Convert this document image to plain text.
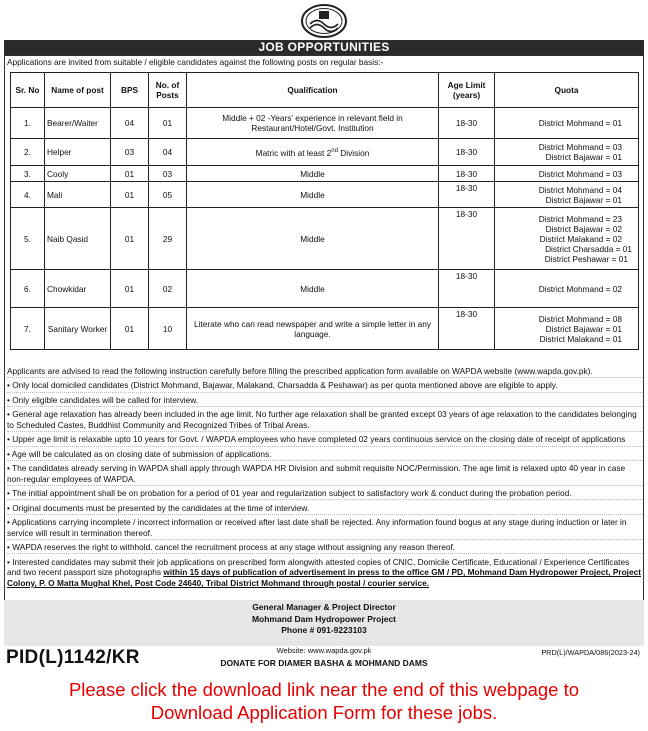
JOB OPPORTUNITIES
Applications are invited from suitable / eligible candidates against the following posts on regular basis:-
Sr. No	Name of post	BPS	No. of Posts	Qualification	Age Limit (years)	Quota
1.	Bearer/Waiter	04	01	Middle + 02 -Years' experience in relevant field in Restaurant/Hotel/Govt. Institution	18-30	District Mohmand = 01

2.	Helper	03	04	Matric with at least 2nd Division	18-30	District Mohmand = 03
District Bajawar = 01

3.	Cooly	01	03	Middle	18-30	District Mohmand = 03

4.	Mali	01	05	Middle	18-30	District Mohmand = 04
District Bajawar = 01

5.	Naib Qasid	01	29	Middle	18-30	District Mohmand = 23
District Bajawar = 02
District Malakand = 02
District Charsadda = 01
District Peshawar = 01

6.	Chowkidar	01	02	Middle	18-30	District Mohmand = 02

7.	Sanitary Worker	01	10	Literate who can read newspaper and write a simple letter in any language.	18-30	District Mohmand = 08
District Bajawar = 01
District Malakand = 01

Applicants are advised to read the following instruction carefully before filling the prescribed application form available on WAPDA website (www.wapda.gov.pk).

• Only local domiciled candidates (District Mohmand, Bajawar, Malakand, Charsadda & Peshawar) as per quota mentioned above are eligible to apply.

• Only eligible candidates will be called for interview.

• General age relaxation has already been included in the age limit. No further age relaxation shall be granted except 03 years of age relaxation to the candidates belonging to Scheduled Castes, Buddhist Community and Recognized Tribes of Tribal Areas.

• Upper age limit is relaxable upto 10 years for Govt. / WAPDA employees who have completed 02 years continuous service on the closing date of receipt of applications

• Age will be calculated as on closing date of submission of applications.

• The candidates already serving in WAPDA shall apply through WAPDA HR Division and submit requisite NOC/Permission. The age limit is relaxed upto 40 year in case non-regular employees of WAPDA.

• The initial appointment shall be on probation for a period of 01 year and regularization subject to satisfactory work & conduct during the probation period.

• Original documents must be presented by the candidates at the time of interview.

• Applications carrying incomplete / incorrect information or received after last date shall be rejected. Any information found bogus at any stage during induction or later in service will result in termination thereof.

• WAPDA reserves the right to withhold. cancel the recruitment process at any stage without assigning any reason thereof.

• Interested candidates may submit their job applications on prescribed form alongwith attested copies of CNIC, Domicile Certificate, Educational / Experience Certificates and two recent passport size photographs within 15 days of publication of advertisement in press to the office GM / PD, Mohmand Dam Hydropower Project, Project Colony, P. O Matta Mughal Khel, Post Code 24640, Tribal District Mohmand through postal / courier service.

General Manager & Project Director
Mohmand Dam Hydropower Project
Phone # 091-9223103
Website: www.wapda.gov.pk
PID(L)1142/KR	PRD(L)/WAPDA/086(2023-24)
DONATE FOR DIAMER BASHA & MOHMAND DAMS
Please click the download link near the end of this webpage to
Download Application Form for these jobs.
